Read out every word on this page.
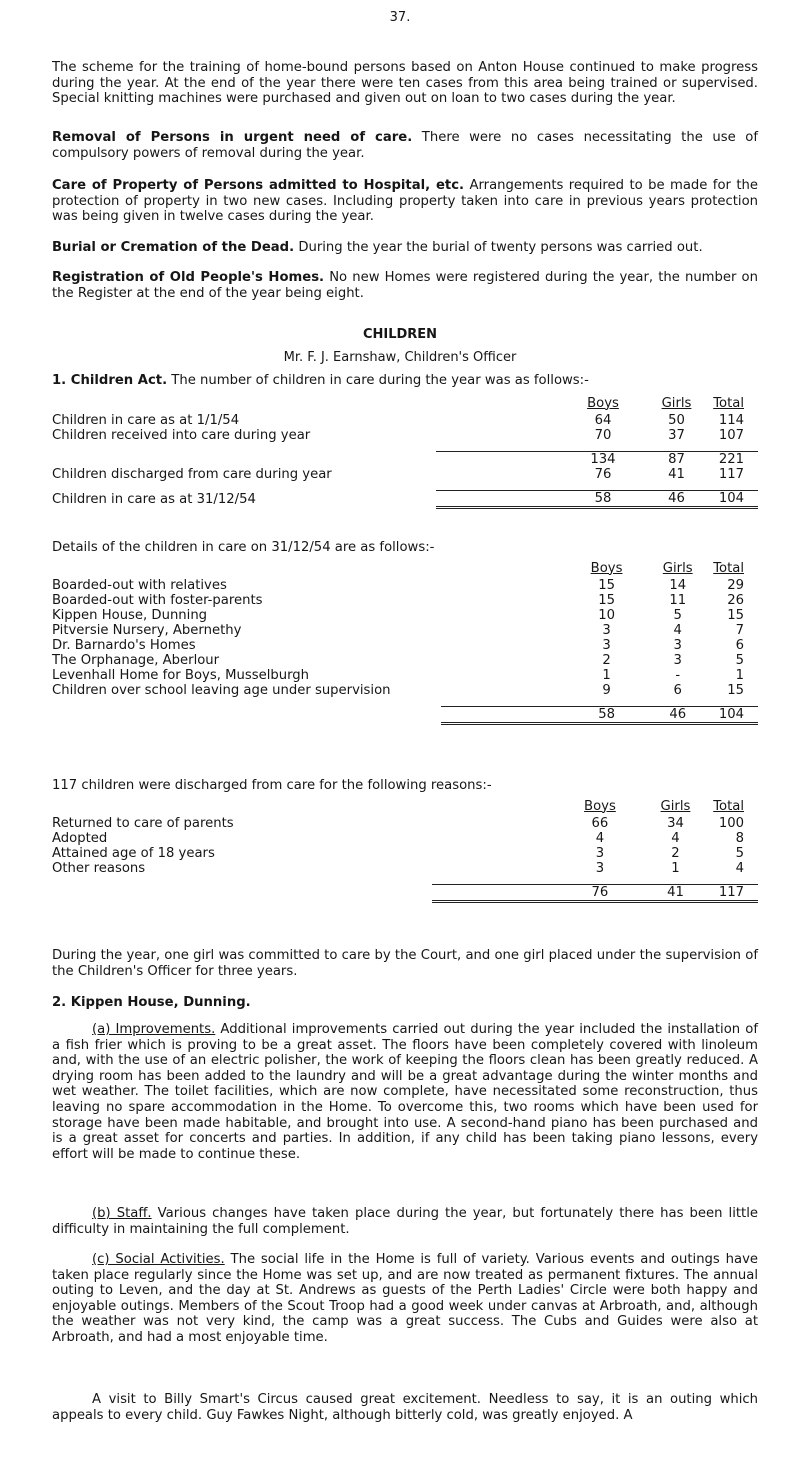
37.

The scheme for the training of home-bound persons based on Anton House continued to make progress during the year. At the end of the year there were ten cases from this area being trained or supervised. Special knitting machines were purchased and given out on loan to two cases during the year.

Removal of Persons in urgent need of care. There were no cases necessitating the use of compulsory powers of removal during the year.

Care of Property of Persons admitted to Hospital, etc. Arrangements required to be made for the protection of property in two new cases. Including property taken into care in previous years protection was being given in twelve cases during the year.

Burial or Cremation of the Dead. During the year the burial of twenty persons was carried out.

Registration of Old People's Homes. No new Homes were registered during the year, the number on the Register at the end of the year being eight.

CHILDREN
Mr. F. J. Earnshaw, Children's Officer

1. Children Act. The number of children in care during the year was as follows:-

	Boys	Girls	Total
Children in care as at 1/1/54	64	50	114
Children received into care during year	70	37	107

	134	87	221
Children discharged from care during year	76	41	117

Children in care as at 31/12/54	58	46	104

Details of the children in care on 31/12/54 are as follows:-

	Boys	Girls	Total
Boarded-out with relatives	15	14	29
Boarded-out with foster-parents	15	11	26
Kippen House, Dunning	10	5	15
Pitversie Nursery, Abernethy	3	4	7
Dr. Barnardo's Homes	3	3	6
The Orphanage, Aberlour	2	3	5
Levenhall Home for Boys, Musselburgh	1	-	1
Children over school leaving age under supervision	9	6	15

	58	46	104

117 children were discharged from care for the following reasons:-

	Boys	Girls	Total
Returned to care of parents	66	34	100
Adopted	4	4	8
Attained age of 18 years	3	2	5
Other reasons	3	1	4

	76	41	117

During the year, one girl was committed to care by the Court, and one girl placed under the supervision of the Children's Officer for three years.

2. Kippen House, Dunning.

(a) Improvements. Additional improvements carried out during the year included the installation of a fish frier which is proving to be a great asset. The floors have been completely covered with linoleum and, with the use of an electric polisher, the work of keeping the floors clean has been greatly reduced. A drying room has been added to the laundry and will be a great advantage during the winter months and wet weather. The toilet facilities, which are now complete, have necessitated some reconstruction, thus leaving no spare accommodation in the Home. To overcome this, two rooms which have been used for storage have been made habitable, and brought into use. A second-hand piano has been purchased and is a great asset for concerts and parties. In addition, if any child has been taking piano lessons, every effort will be made to continue these.

(b) Staff. Various changes have taken place during the year, but fortunately there has been little difficulty in maintaining the full complement.

(c) Social Activities. The social life in the Home is full of variety. Various events and outings have taken place regularly since the Home was set up, and are now treated as permanent fixtures. The annual outing to Leven, and the day at St. Andrews as guests of the Perth Ladies' Circle were both happy and enjoyable outings. Members of the Scout Troop had a good week under canvas at Arbroath, and, although the weather was not very kind, the camp was a great success. The Cubs and Guides were also at Arbroath, and had a most enjoyable time.

A visit to Billy Smart's Circus caused great excitement. Needless to say, it is an outing which appeals to every child. Guy Fawkes Night, although bitterly cold, was greatly enjoyed. A
